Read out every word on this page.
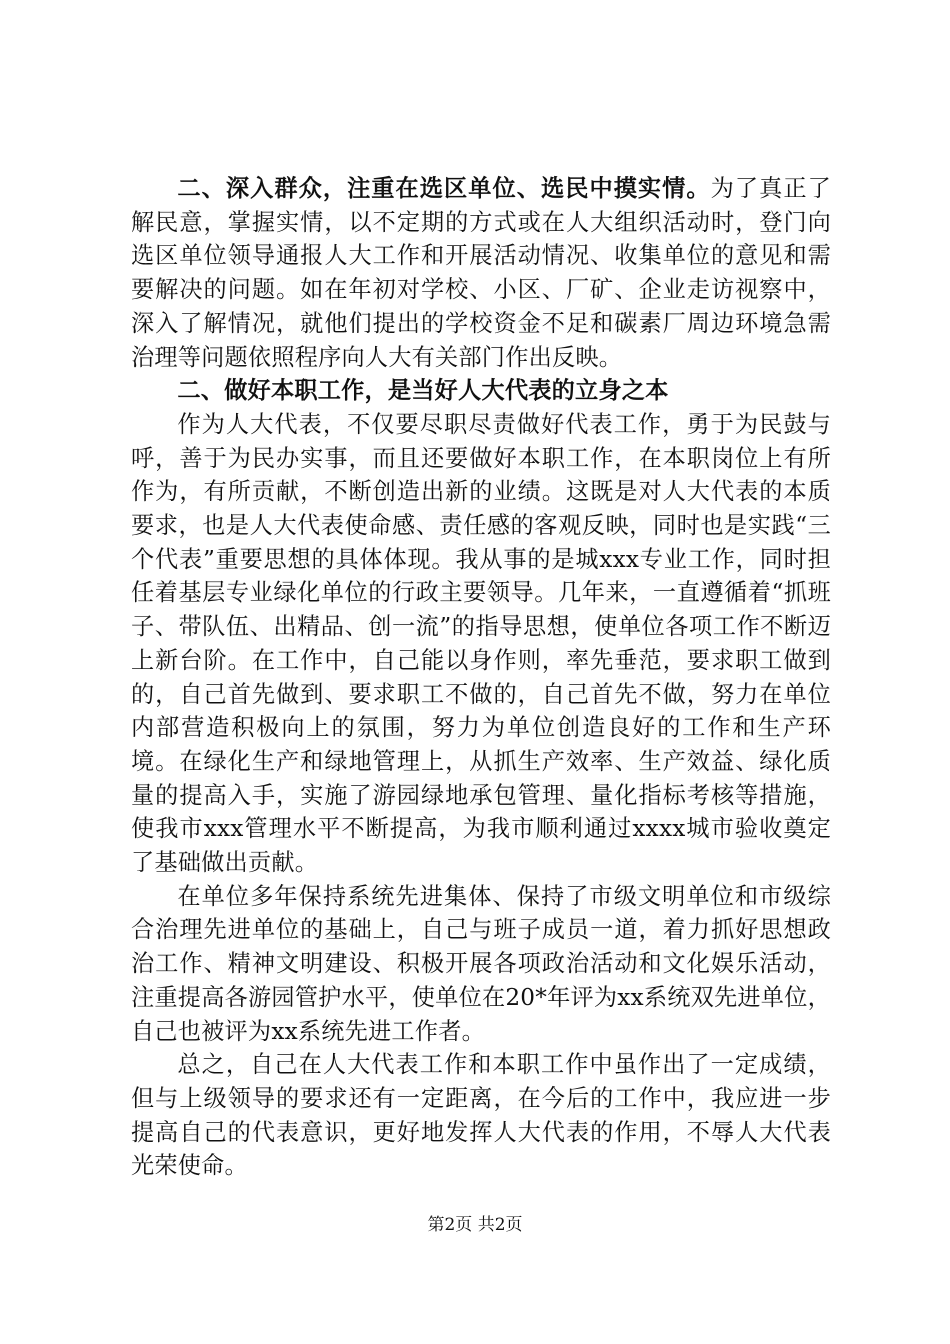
二、深入群众，注重在选区单位、选民中摸实情。为了真正了解民意，掌握实情，以不定期的方式或在人大组织活动时，登门向选区单位领导通报人大工作和开展活动情况、收集单位的意见和需要解决的问题。如在年初对学校、小区、厂矿、企业走访视察中，深入了解情况，就他们提出的学校资金不足和碳素厂周边环境急需治理等问题依照程序向人大有关部门作出反映。

二、做好本职工作，是当好人大代表的立身之本

作为人大代表，不仅要尽职尽责做好代表工作，勇于为民鼓与呼，善于为民办实事，而且还要做好本职工作，在本职岗位上有所作为，有所贡献，不断创造出新的业绩。这既是对人大代表的本质要求，也是人大代表使命感、责任感的客观反映，同时也是实践“三个代表”重要思想的具体体现。我从事的是城xxx专业工作，同时担任着基层专业绿化单位的行政主要领导。几年来，一直遵循着“抓班子、带队伍、出精品、创一流”的指导思想，使单位各项工作不断迈上新台阶。在工作中，自己能以身作则，率先垂范，要求职工做到的，自己首先做到、要求职工不做的，自己首先不做，努力在单位内部营造积极向上的氛围，努力为单位创造良好的工作和生产环境。在绿化生产和绿地管理上，从抓生产效率、生产效益、绿化质量的提高入手，实施了游园绿地承包管理、量化指标考核等措施，使我市xxx管理水平不断提高，为我市顺利通过xxxx城市验收奠定了基础做出贡献。

在单位多年保持系统先进集体、保持了市级文明单位和市级综合治理先进单位的基础上，自己与班子成员一道，着力抓好思想政治工作、精神文明建设、积极开展各项政治活动和文化娱乐活动，注重提高各游园管护水平，使单位在20*年评为xx系统双先进单位，自己也被评为xx系统先进工作者。

总之，自己在人大代表工作和本职工作中虽作出了一定成绩，但与上级领导的要求还有一定距离，在今后的工作中，我应进一步提高自己的代表意识，更好地发挥人大代表的作用，不辱人大代表光荣使命。

第2页 共2页
